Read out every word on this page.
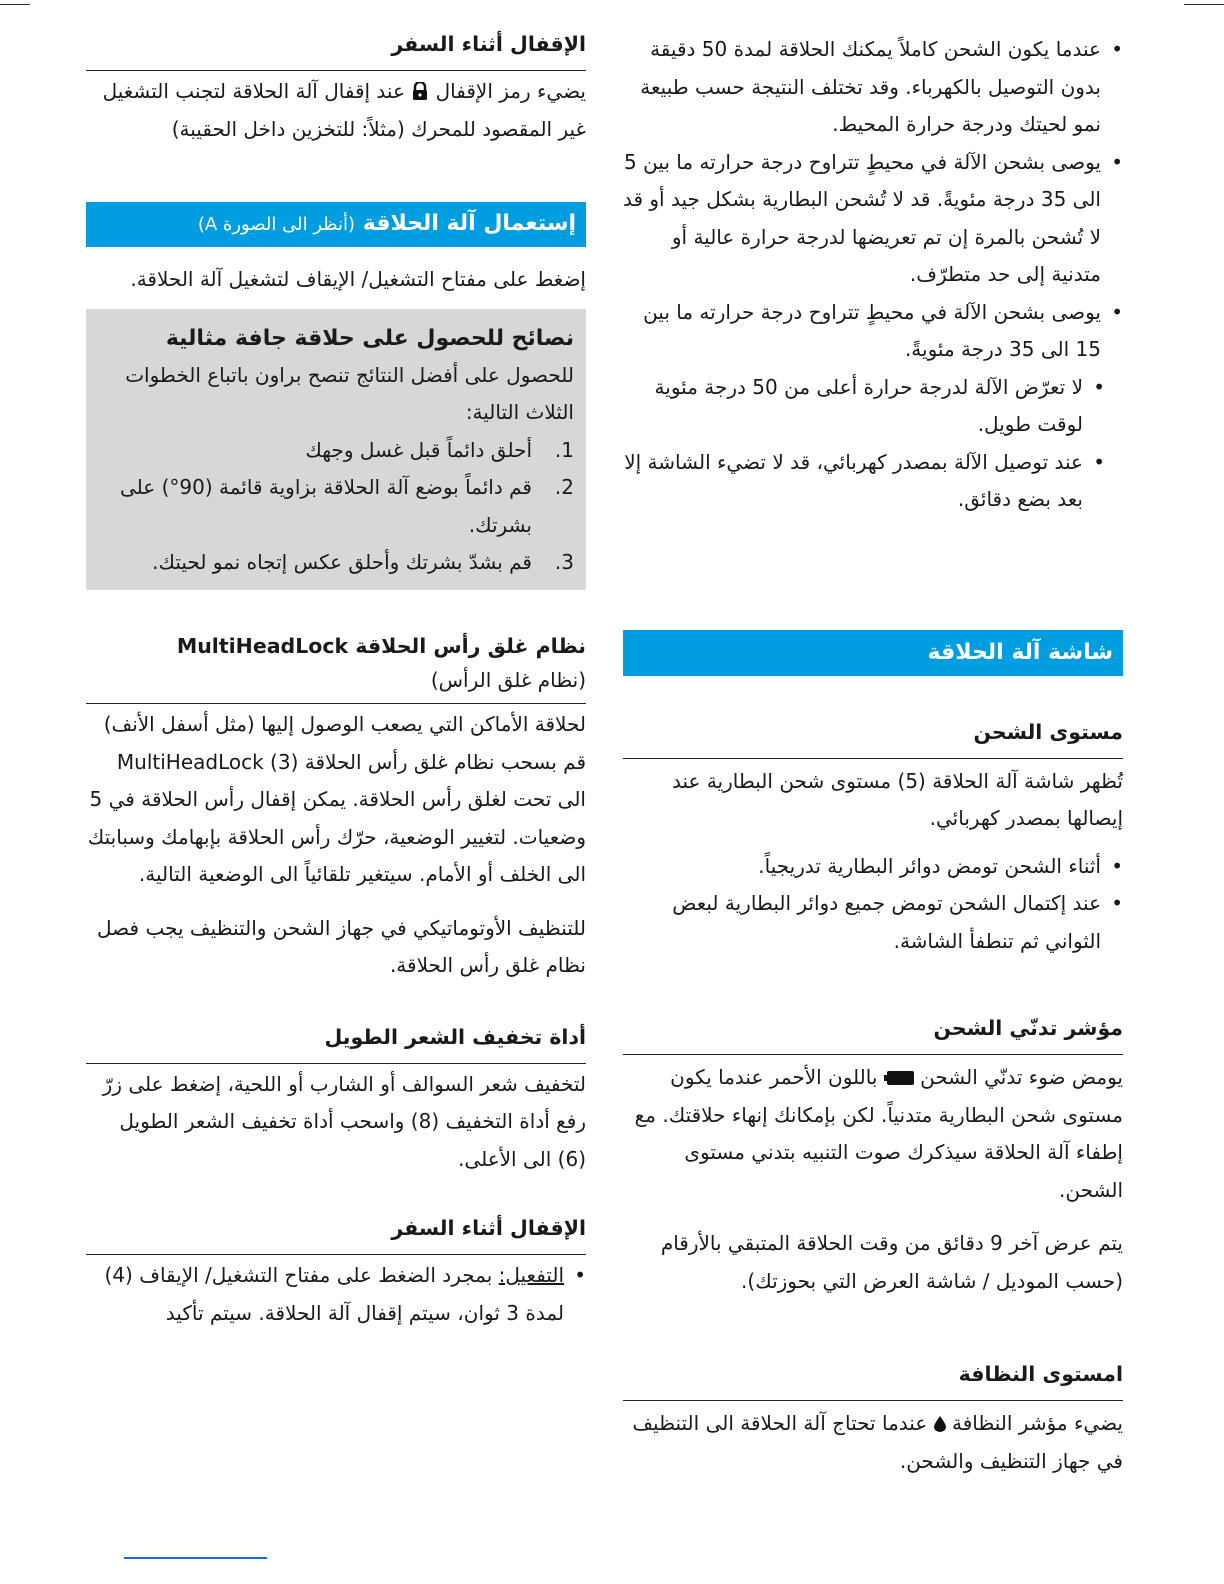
• عندما يكون الشحن كاملاً يمكنك الحلاقة لمدة 50 دقيقة بدون التوصيل بالكهرباء. وقد تختلف النتيجة حسب طبيعة نمو لحيتك ودرجة حرارة المحيط.
• يوصى بشحن الآلة في محيطٍ تتراوح درجة حرارته ما بين 5 الى 35 درجة مئويةً. قد لا تُشحن البطارية بشكل جيد أو قد لا تُشحن بالمرة إن تم تعريضها لدرجة حرارة عالية أو متدنية إلى حد متطرّف.
• يوصى بشحن الآلة في محيطٍ تتراوح درجة حرارته ما بين 15 الى 35 درجة مئويةً.
• لا تعرّض الآلة لدرجة حرارة أعلى من 50 درجة مئوية لوقت طويل.
• عند توصيل الآلة بمصدر كهربائي، قد لا تضيء الشاشة إلا بعد بضع دقائق.
شاشة آلة الحلاقة
مستوى الشحن

تُظهر شاشة آلة الحلاقة (5) مستوى شحن البطارية عند إيصالها بمصدر كهربائي.

• أثناء الشحن تومض دوائر البطارية تدريجياً.
• عند إكتمال الشحن تومض جميع دوائر البطارية لبعض الثواني ثم تنطفأ الشاشة.
مؤشر تدنّي الشحن

يومض ضوء تدنّي الشحن  باللون الأحمر عندما يكون مستوى شحن البطارية متدنياً. لكن بإمكانك إنهاء حلاقتك. مع إطفاء آلة الحلاقة سيذكرك صوت التنبيه بتدني مستوى الشحن.

يتم عرض آخر 9 دقائق من وقت الحلاقة المتبقي بالأرقام (حسب الموديل / شاشة العرض التي بحوزتك).

امستوى النظافة

يضيء مؤشر النظافة  عندما تحتاج آلة الحلاقة الى التنظيف في جهاز التنظيف والشحن.

الإقفال أثناء السفر

يضيء رمز الإقفال  عند إقفال آلة الحلاقة لتجنب التشغيل غير المقصود للمحرك (مثلاً: للتخزين داخل الحقيبة)

إستعمال آلة الحلاقة (أنظر الى الصورة A)

إضغط على مفتاح التشغيل/ الإيقاف لتشغيل آلة الحلاقة.

نصائح للحصول على حلاقة جافة مثالية

للحصول على أفضل النتائج تنصح براون باتباع الخطوات الثلاث التالية:

1.
أحلق دائماً قبل غسل وجهك
2.
قم دائماً بوضع آلة الحلاقة بزاوية قائمة (90°) على بشرتك.
3.
قم بشدّ بشرتك وأحلق عكس إتجاه نمو لحيتك.
نظام غلق رأس الحلاقة MultiHeadLock

(نظام غلق الرأس)

لحلاقة الأماكن التي يصعب الوصول إليها (مثل أسفل الأنف) قم بسحب نظام غلق رأس الحلاقة (3) MultiHeadLock الى تحت لغلق رأس الحلاقة. يمكن إقفال رأس الحلاقة في 5 وضعيات. لتغيير الوضعية، حرّك رأس الحلاقة بإبهامك وسبابتك الى الخلف أو الأمام. سيتغير تلقائياً الى الوضعية التالية.

للتنظيف الأوتوماتيكي في جهاز الشحن والتنظيف يجب فصل نظام غلق رأس الحلاقة.

أداة تخفيف الشعر الطويل

لتخفيف شعر السوالف أو الشارب أو اللحية، إضغط على زرّ رفع أداة التخفيف (8) واسحب أداة تخفيف الشعر الطويل (6) الى الأعلى.

الإقفال أثناء السفر
• التفعيل: بمجرد الضغط على مفتاح التشغيل/ الإيقاف (4) لمدة 3 ثوان، سيتم إقفال آلة الحلاقة. سيتم تأكيد
